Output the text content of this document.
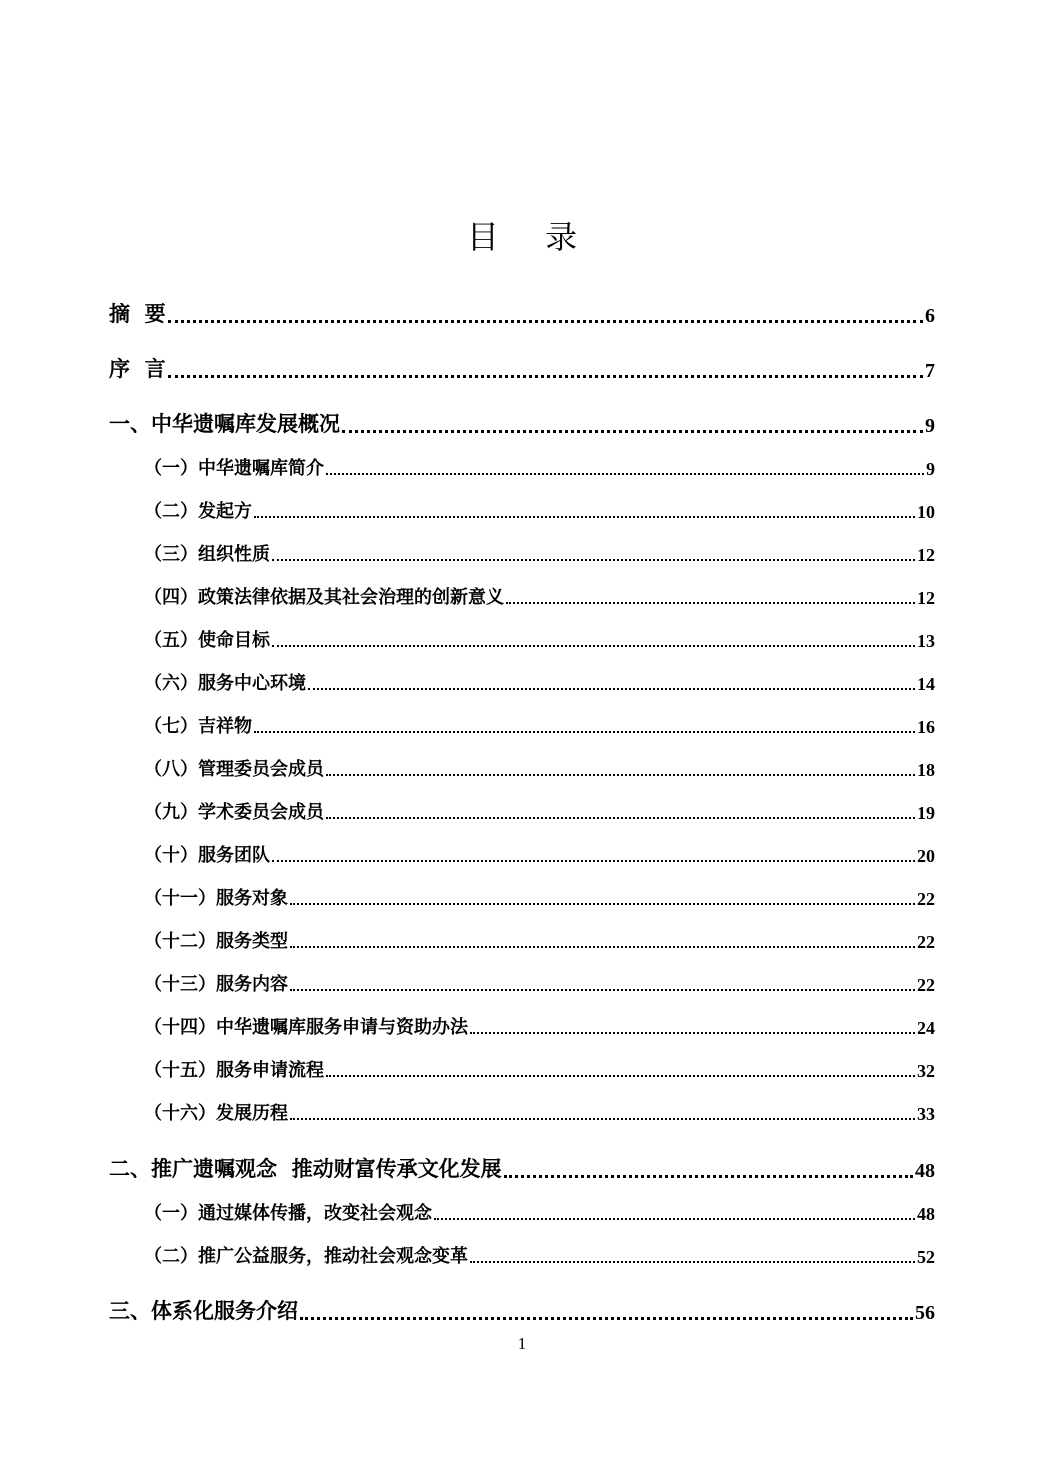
目 录
摘  要	6
序  言	7
一、中华遗嘱库发展概况	9
（一）中华遗嘱库简介	9
（二）发起方	10
（三）组织性质	12
（四）政策法律依据及其社会治理的创新意义	12
（五）使命目标	13
（六）服务中心环境	14
（七）吉祥物	16
（八）管理委员会成员	18
（九）学术委员会成员	19
（十）服务团队	20
（十一）服务对象	22
（十二）服务类型	22
（十三）服务内容	22
（十四）中华遗嘱库服务申请与资助办法	24
（十五）服务申请流程	32
（十六）发展历程	33
二、推广遗嘱观念  推动财富传承文化发展	48
（一）通过媒体传播，改变社会观念	48
（二）推广公益服务，推动社会观念变革	52
三、体系化服务介绍	56
1
